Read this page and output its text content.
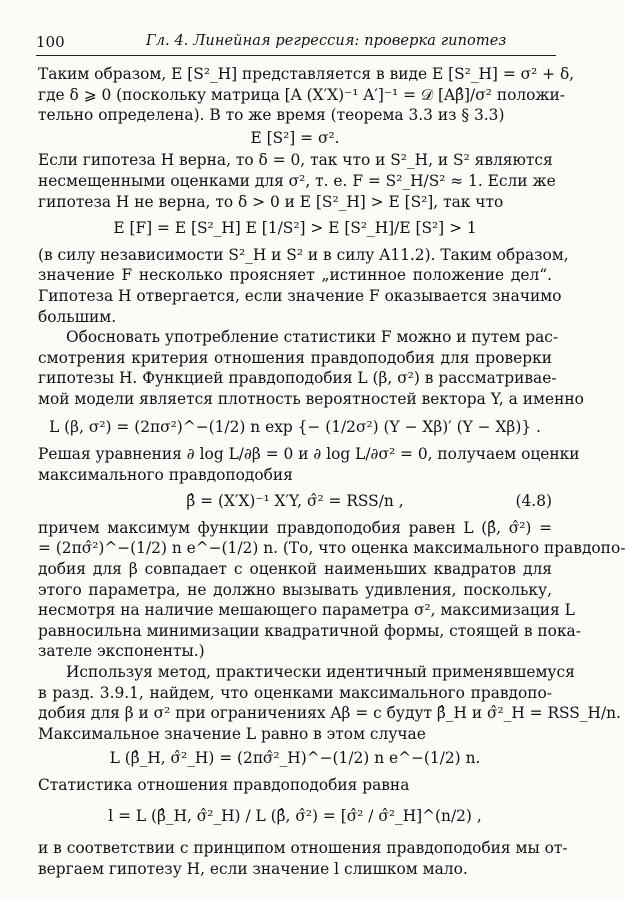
100	Гл. 4. Линейная регрессия: проверка гипотез

Таким образом, E [S²_H] представляется в виде E [S²_H] = σ² + δ,
где δ ⩾ 0 (поскольку матрица [A (X′X)⁻¹ A′]⁻¹ = 𝒟 [Aβ̂]/σ² положи-
тельно определена). В то же время (теорема 3.3 из § 3.3)

E [S²] = σ².

Если гипотеза H верна, то δ = 0, так что и S²_H, и S² являются
несмещенными оценками для σ², т. е. F = S²_H/S² ≈ 1. Если же
гипотеза H не верна, то δ > 0 и E [S²_H] > E [S²], так что

E [F] = E [S²_H] E [1/S²] > E [S²_H]/E [S²] > 1

(в силу независимости S²_H и S² и в силу A11.2). Таким образом,
значение F несколько проясняет „истинное положение дел“.
Гипотеза H отвергается, если значение F оказывается значимо
большим.

Обосновать употребление статистики F можно и путем рас-
смотрения критерия отношения правдоподобия для проверки
гипотезы H. Функцией правдоподобия L (β, σ²) в рассматривае-
мой модели является плотность вероятностей вектора Y, а именно

L (β, σ²) = (2πσ²)^−(1/2) n exp {− (1/2σ²) (Y − Xβ)′ (Y − Xβ)} .

Решая уравнения ∂ log L/∂β = 0 и ∂ log L/∂σ² = 0, получаем оценки
максимального правдоподобия

β̂ = (X′X)⁻¹ X′Y, σ̂² = RSS/n ,	(4.8)

причем максимум функции правдоподобия равен L (β̂, σ̂²) =
= (2πσ̂²)^−(1/2) n e^−(1/2) n. (То, что оценка максимального правдопо-
добия для β совпадает с оценкой наименьших квадратов для
этого параметра, не должно вызывать удивления, поскольку,
несмотря на наличие мешающего параметра σ², максимизация L
равносильна минимизации квадратичной формы, стоящей в пока-
зателе экспоненты.)

Используя метод, практически идентичный применявшемуся
в разд. 3.9.1, найдем, что оценками максимального правдопо-
добия для β и σ² при ограничениях Aβ = c будут β̂_H и σ̂²_H = RSS_H/n.
Максимальное значение L равно в этом случае

L (β̂_H, σ̂²_H) = (2πσ̂²_H)^−(1/2) n e^−(1/2) n.

Статистика отношения правдоподобия равна

l = L (β̂_H, σ̂²_H) / L (β̂, σ̂²) = [σ̂² / σ̂²_H]^(n/2) ,

и в соответствии с принципом отношения правдоподобия мы от-
вергаем гипотезу H, если значение l слишком мало.
